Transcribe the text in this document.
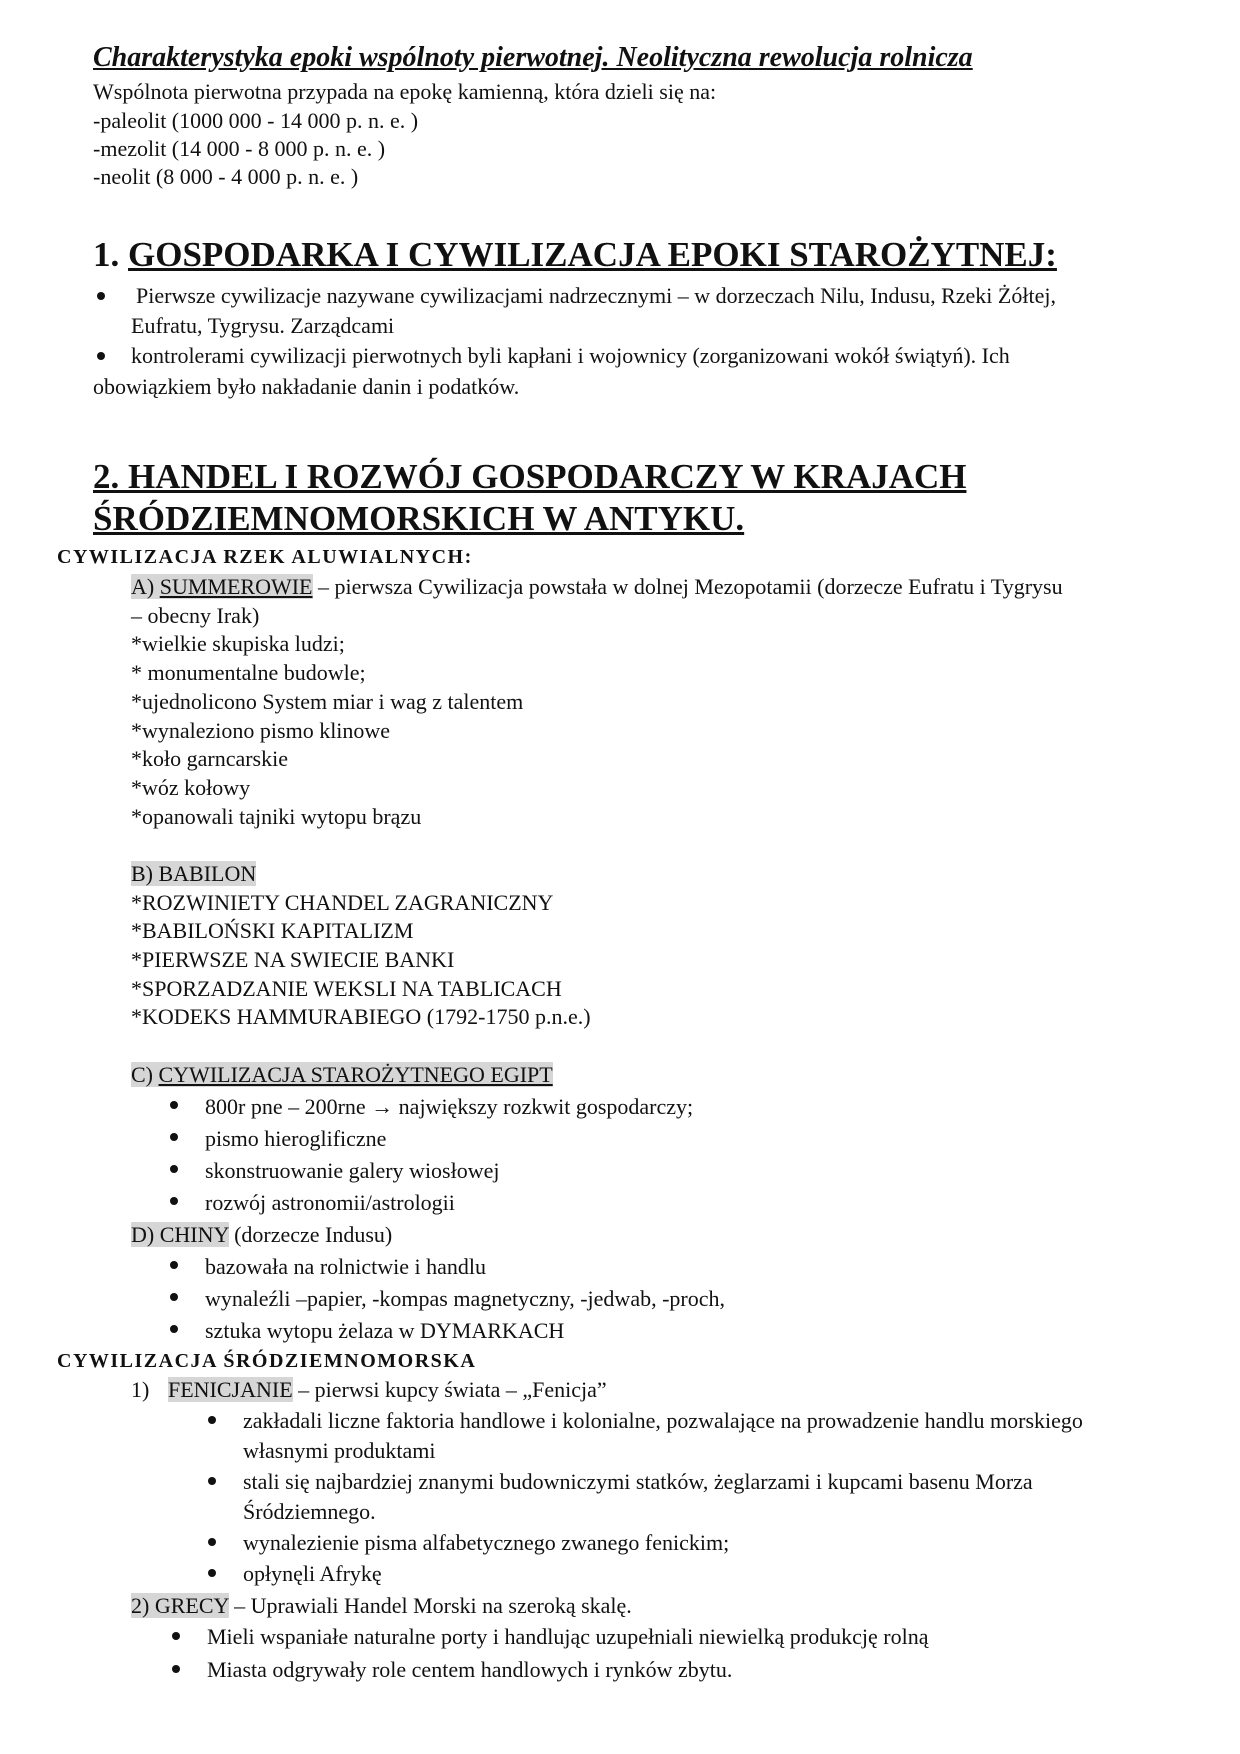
Charakterystyka epoki wspólnoty pierwotnej. Neolityczna rewolucja rolnicza
Wspólnota pierwotna przypada na epokę kamienną, która dzieli się na:
-paleolit (1000 000 - 14 000 p. n. e. )
-mezolit (14 000 - 8 000 p. n. e. )
-neolit (8 000 - 4 000 p. n. e. )
1. GOSPODARKA I CYWILIZACJA EPOKI STAROŻYTNEJ:
Pierwsze cywilizacje nazywane cywilizacjami nadrzecznymi – w dorzeczach Nilu, Indusu, Rzeki Żółtej,
Eufratu, Tygrysu. Zarządcami
kontrolerami cywilizacji pierwotnych byli kapłani i wojownicy (zorganizowani wokół świątyń). Ich
obowiązkiem było nakładanie danin i podatków.
2. HANDEL I ROZWÓJ GOSPODARCZY W KRAJACH
ŚRÓDZIEMNOMORSKICH W ANTYKU.
CYWILIZACJA RZEK ALUWIALNYCH:
A) SUMMEROWIE – pierwsza Cywilizacja powstała w dolnej Mezopotamii (dorzecze Eufratu i Tygrysu
– obecny Irak)
*wielkie skupiska ludzi;
* monumentalne budowle;
*ujednolicono System miar i wag z talentem
*wynaleziono pismo klinowe
*koło garncarskie
*wóz kołowy
*opanowali tajniki wytopu brązu
B) BABILON
*ROZWINIETY CHANDEL ZAGRANICZNY
*BABILOŃSKI KAPITALIZM
*PIERWSZE NA SWIECIE BANKI
*SPORZADZANIE WEKSLI NA TABLICACH
*KODEKS HAMMURABIEGO (1792-1750 p.n.e.)
C) CYWILIZACJA STAROŻYTNEGO EGIPT
800r pne – 200rne → największy rozkwit gospodarczy;
pismo hieroglificzne
skonstruowanie galery wiosłowej
rozwój astronomii/astrologii
D) CHINY (dorzecze Indusu)
bazowała na rolnictwie i handlu
wynaleźli –papier, -kompas magnetyczny, -jedwab, -proch,
sztuka wytopu żelaza w DYMARKACH
CYWILIZACJA ŚRÓDZIEMNOMORSKA
1) FENICJANIE – pierwsi kupcy świata – „Fenicja”
zakładali liczne faktoria handlowe i kolonialne, pozwalające na prowadzenie handlu morskiego
własnymi produktami
stali się najbardziej znanymi budowniczymi statków, żeglarzami i kupcami basenu Morza
Śródziemnego.
wynalezienie pisma alfabetycznego zwanego fenickim;
opłynęli Afrykę
2) GRECY – Uprawiali Handel Morski na szeroką skalę.
Mieli wspaniałe naturalne porty i handlując uzupełniali niewielką produkcję rolną
Miasta odgrywały role centem handlowych i rynków zbytu.
